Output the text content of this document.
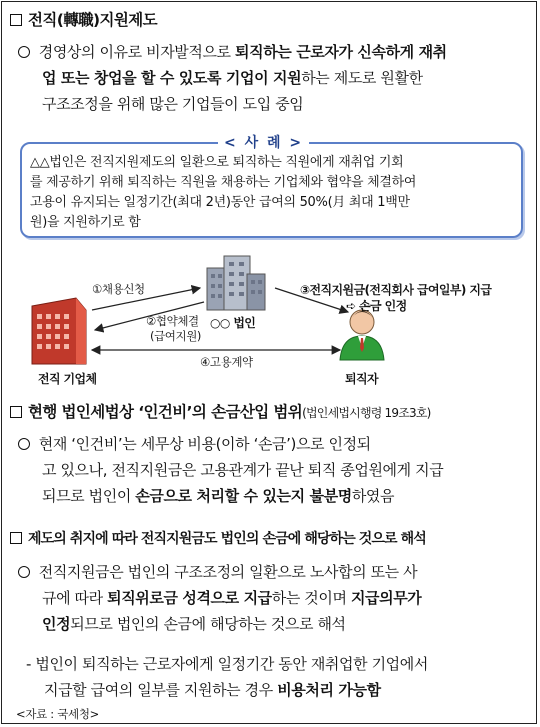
전직(轉職)지원제도
경영상의 이유로 비자발적으로 퇴직하는 근로자가 신속하게 재취
업 또는 창업을 할 수 있도록 기업이 지원하는 제도로 원활한
구조조정을 위해 많은 기업들이 도입 중임
< 사 례 >
△△법인은 전직지원제도의 일환으로 퇴직하는 직원에게 재취업 기회
를 제공하기 위해 퇴직하는 직원을 채용하는 기업체와 협약을 체결하여
고용이 유지되는 일정기간(최대 2년)동안 급여의 50%(月 최대 1백만
원)을 지원하기로 함
①채용신청
②협약체결
(급여지원)
○○ 법인
③전직지원금(전직회사 급여일부) 지급
➪ 손금 인정
④고용계약
전직 기업체	퇴직자
현행 법인세법상 ‘인건비’의 손금산입 범위(법인세법시행령 19조3호)
현재 ‘인건비’는 세무상 비용(이하 ‘손금’)으로 인정되
고 있으나, 전직지원금은 고용관계가 끝난 퇴직 종업원에게 지급
되므로 법인이 손금으로 처리할 수 있는지 불분명하였음
제도의 취지에 따라 전직지원금도 법인의 손금에 해당하는 것으로 해석
전직지원금은 법인의 구조조정의 일환으로 노사합의 또는 사
규에 따라 퇴직위로금 성격으로 지급하는 것이며 지급의무가
인정되므로 법인의 손금에 해당하는 것으로 해석
- 법인이 퇴직하는 근로자에게 일정기간 동안 재취업한 기업에서
지급할 급여의 일부를 지원하는 경우 비용처리 가능함
<자료 : 국세청>
